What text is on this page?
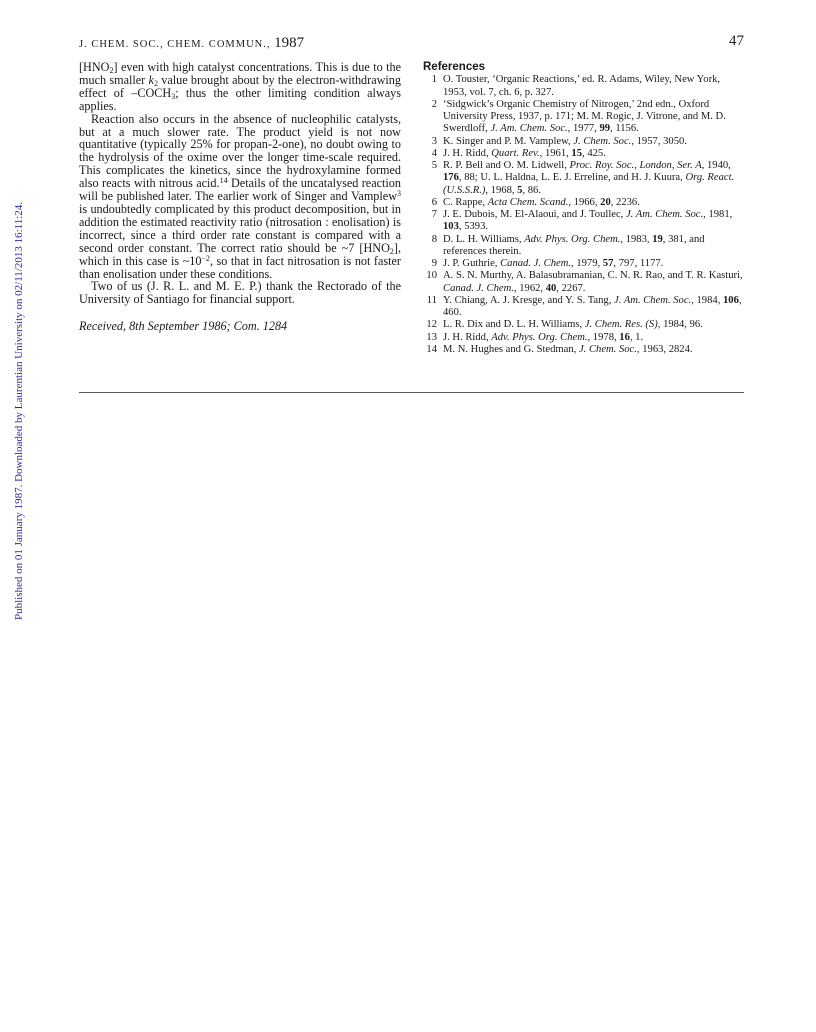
J. CHEM. SOC., CHEM. COMMUN., 1987	47
Published on 01 January 1987. Downloaded by Laurentian University on 02/11/2013 16:11:24.

$[HNO_2]$ even with high catalyst concentrations. This is due to the much smaller $k_2$ value brought about by the electron-withdrawing effect of $-COCH_3$; thus the other limiting condition always applies.

Reaction also occurs in the absence of nucleophilic catalysts, but at a much slower rate. The product yield is not now quantitative (typically 25% for propan-2-one), no doubt owing to the hydrolysis of the oxime over the longer time-scale required. This complicates the kinetics, since the hydroxylamine formed also reacts with nitrous acid.$^{14}$ Details of the uncatalysed reaction will be published later. The earlier work of Singer and Vamplew$^3$ is undoubtedly complicated by this product decomposition, but in addition the estimated reactivity ratio (nitrosation : enolisation) is incorrect, since a third order rate constant is compared with a second order constant. The correct ratio should be ~7 $[HNO_2]$, which in this case is $\sim 10^{-2}$, so that in fact nitrosation is not faster than enolisation under these conditions.

Two of us (J. R. L. and M. E. P.) thank the Rectorado of the University of Santiago for financial support.

Received, 8th September 1986; Com. 1284

References
1 O. Touster, ‘Organic Reactions,’ ed. R. Adams, Wiley, New York, 1953, vol. 7, ch. 6, p. 327.
2 ‘Sidgwick’s Organic Chemistry of Nitrogen,’ 2nd edn., Oxford University Press, 1937, p. 171; M. M. Rogic, J. Vitrone, and M. D. Swerdloff, J. Am. Chem. Soc., 1977, 99, 1156.
3 K. Singer and P. M. Vamplew, J. Chem. Soc., 1957, 3050.
4 J. H. Ridd, Quart. Rev., 1961, 15, 425.
5 R. P. Bell and O. M. Lidwell, Proc. Roy. Soc., London, Ser. A, 1940, 176, 88; U. L. Haldna, L. E. J. Erreline, and H. J. Kuura, Org. React. (U.S.S.R.), 1968, 5, 86.
6 C. Rappe, Acta Chem. Scand., 1966, 20, 2236.
7 J. E. Dubois, M. El-Alaoui, and J. Toullec, J. Am. Chem. Soc., 1981, 103, 5393.
8 D. L. H. Williams, Adv. Phys. Org. Chem., 1983, 19, 381, and references therein.
9 J. P. Guthrie, Canad. J. Chem., 1979, 57, 797, 1177.
10 A. S. N. Murthy, A. Balasubramanian, C. N. R. Rao, and T. R. Kasturi, Canad. J. Chem., 1962, 40, 2267.
11 Y. Chiang, A. J. Kresge, and Y. S. Tang, J. Am. Chem. Soc., 1984, 106, 460.
12 L. R. Dix and D. L. H. Williams, J. Chem. Res. (S), 1984, 96.
13 J. H. Ridd, Adv. Phys. Org. Chem., 1978, 16, 1.
14 M. N. Hughes and G. Stedman, J. Chem. Soc., 1963, 2824.
